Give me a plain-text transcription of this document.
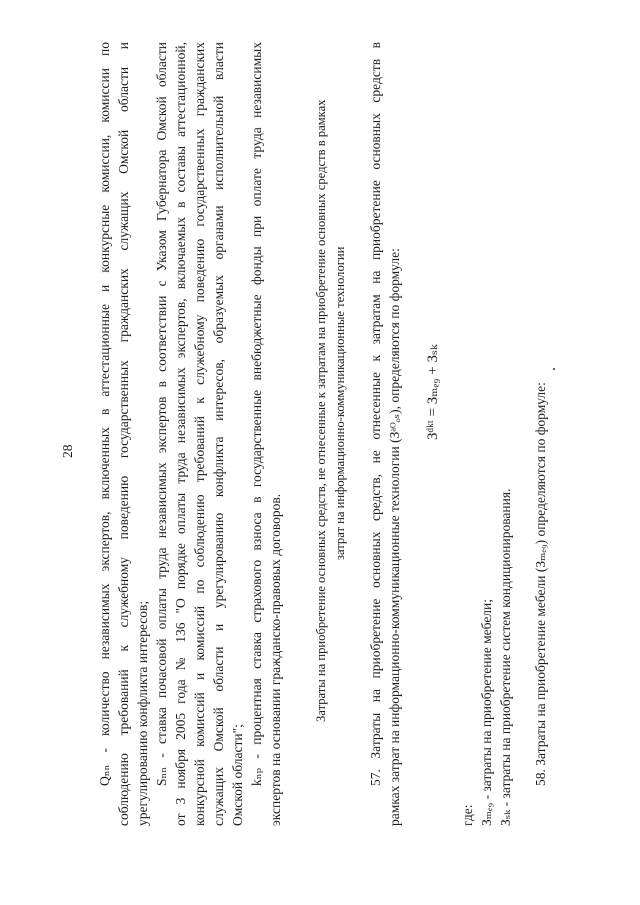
28 Qₙₙ - количество независимых экспертов, включенных в аттестационные и конкурсные комиссии, комиссии по соблюдению требований к служебному поведению государственных гражданских служащих Омской области и урегулированию конфликта интересов; Sₙₙ - ставка почасовой оплаты труда независимых экспертов в соответствии с Указом Губернатора Омской области от 3 ноября 2005 года № 136 "О порядке оплаты труда независимых экспертов, включаемых в составы аттестационной, конкурсной комиссий и комиссий по соблюдению требований к служебному поведению государственных гражданских служащих Омской области и урегулированию конфликта интересов, образуемых органами исполнительной власти Омской области"; kₙₚ - процентная ставка страхового взноса в государственные внебюджетные фонды при оплате труда независимых экспертов на основании гражданско-правовых договоров. Затраты на приобретение основных средств, не отнесенные к затратам на приобретение основных средств в рамках затрат на информационно-коммуникационные технологии 57. Затраты на приобретение основных средств, не отнесенные к затратам на приобретение основных средств в рамках затрат на информационно-коммуникационные технологии (Зᵃᴼₒₛ), определяются по формуле: Зᵈᵏᵗ = Зₘₑ₉ + Зₛₖ
где: Зₘₑ₉ - затраты на приобретение мебели; Зₛₖ - затраты на приобретение систем кондиционирования. 58. Затраты на приобретение мебели (Зₘₑ₉) определяются по формуле:
